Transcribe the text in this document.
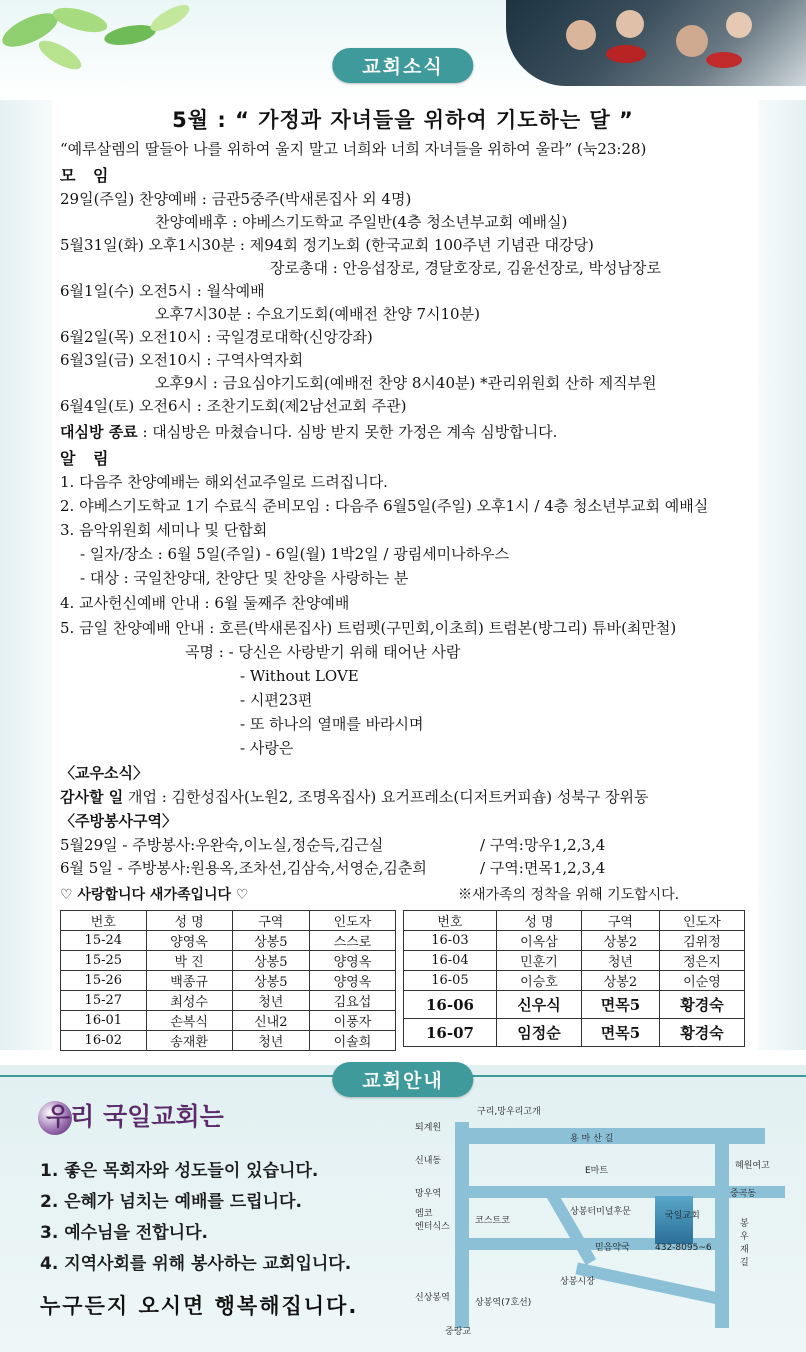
교회소식
5월 : “ 가정과 자녀들을 위하여 기도하는 달 ”
“예루살렘의 딸들아 나를 위하여 울지 말고 너희와 너희 자녀들을 위하여 울라” (눅23:28)
모 임
29일(주일) 찬양예배 : 금관5중주(박새론집사 외 4명)
찬양예배후 : 야베스기도학교 주일반(4층 청소년부교회 예배실)
5월31일(화) 오후1시30분 : 제94회 정기노회 (한국교회 100주년 기념관 대강당)
장로총대 : 안응섭장로, 경달호장로, 김윤선장로, 박성남장로
6월1일(수) 오전5시 : 월삭예배
오후7시30분 : 수요기도회(예배전 찬양 7시10분)
6월2일(목) 오전10시 : 국일경로대학(신앙강좌)
6월3일(금) 오전10시 : 구역사역자회
오후9시 : 금요심야기도회(예배전 찬양 8시40분) *관리위원회 산하 제직부원
6월4일(토) 오전6시 : 조찬기도회(제2남선교회 주관)
대심방 종료 : 대심방은 마쳤습니다. 심방 받지 못한 가정은 계속 심방합니다.
알 림
1. 다음주 찬양예배는 해외선교주일로 드려집니다.
2. 야베스기도학교 1기 수료식 준비모임 : 다음주 6월5일(주일) 오후1시 / 4층 청소년부교회 예배실
3. 음악위원회 세미나 및 단합회
- 일자/장소 : 6월 5일(주일) - 6일(월) 1박2일 / 광림세미나하우스
- 대상 : 국일찬양대, 찬양단 및 찬양을 사랑하는 분
4. 교사헌신예배 안내 : 6월 둘째주 찬양예배
5. 금일 찬양예배 안내 : 호른(박새론집사) 트럼펫(구민회,이초희) 트럼본(방그리) 튜바(최만철)
곡명 : - 당신은 사랑받기 위해 태어난 사람
- Without LOVE
- 시편23편
- 또 하나의 열매를 바라시며
- 사랑은
〈교우소식〉
감사할 일 개업 : 김한성집사(노원2, 조명옥집사) 요거프레소(디저트커피숍) 성북구 장위동
〈주방봉사구역〉
5월29일 - 주방봉사:우완숙,이노실,정순득,김근실	/ 구역:망우1,2,3,4
6월 5일 - 주방봉사:원용옥,조차선,김삼숙,서영순,김춘희	/ 구역:면목1,2,3,4
♡ 사랑합니다 새가족입니다 ♡	※새가족의 정착을 위해 기도합시다.
번호	성 명	구역	인도자
15-24	양영옥	상봉5	스스로
15-25	박 진	상봉5	양영옥
15-26	백종규	상봉5	양영옥
15-27	최성수	청년	김요섭
16-01	손복식	신내2	이풍자
16-02	송재환	청년	이솔희
번호	성 명	구역	인도자
16-03	이옥삼	상봉2	김위정
16-04	민훈기	청년	정은지
16-05	이승호	상봉2	이순영
16-06	신우식	면목5	황경숙
16-07	임정순	면목5	황경숙
교회안내
우리 국일교회는
1. 좋은 목회자와 성도들이 있습니다.
2. 은혜가 넘치는 예배를 드립니다.
3. 예수님을 전합니다.
4. 지역사회를 위해 봉사하는 교회입니다.
누구든지 오시면 행복해집니다.
퇴계원
구리,망우리고개
용 마 산 길
신내동
E마트	혜원여고
망우역	중곡동
엠코
엔터식스
코스트코
상봉터미널후문	국일교회
432-8095~6
믿음약국
봉
우
재
길
상봉시장
신상봉역	상봉역(7호선)
중랑교
